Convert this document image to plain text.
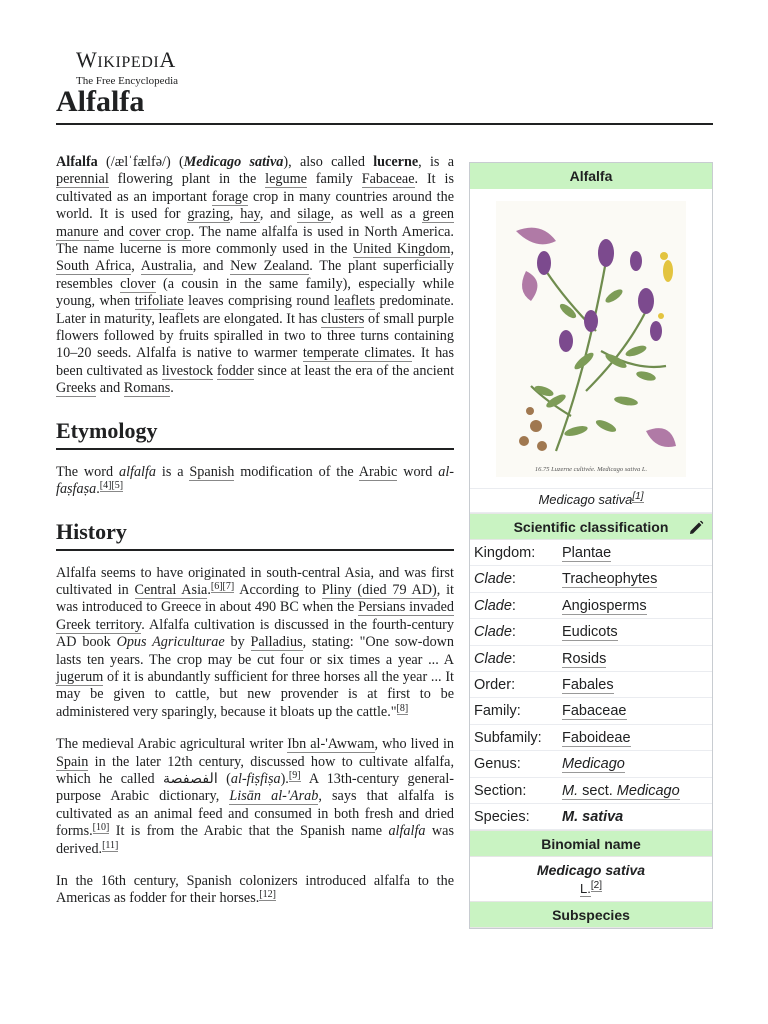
WIKIPEDIA
The Free Encyclopedia
Alfalfa

Alfalfa (/ælˈfælfə/) (Medicago sativa), also called lucerne, is a perennial flowering plant in the legume family Fabaceae. It is cultivated as an important forage crop in many countries around the world. It is used for grazing, hay, and silage, as well as a green manure and cover crop. The name alfalfa is used in North America. The name lucerne is more commonly used in the United Kingdom, South Africa, Australia, and New Zealand. The plant superficially resembles clover (a cousin in the same family), especially while young, when trifoliate leaves comprising round leaflets predominate. Later in maturity, leaflets are elongated. It has clusters of small purple flowers followed by fruits spiralled in two to three turns containing 10–20 seeds. Alfalfa is native to warmer temperate climates. It has been cultivated as livestock fodder since at least the era of the ancient Greeks and Romans.

Etymology

The word alfalfa is a Spanish modification of the Arabic word al-faṣfaṣa.[4][5]

History

Alfalfa seems to have originated in south-central Asia, and was first cultivated in Central Asia.[6][7] According to Pliny (died 79 AD), it was introduced to Greece in about 490 BC when the Persians invaded Greek territory. Alfalfa cultivation is discussed in the fourth-century AD book Opus Agriculturae by Palladius, stating: "One sow-down lasts ten years. The crop may be cut four or six times a year ... A jugerum of it is abundantly sufficient for three horses all the year ... It may be given to cattle, but new provender is at first to be administered very sparingly, because it bloats up the cattle."[8]

The medieval Arabic agricultural writer Ibn al-'Awwam, who lived in Spain in the later 12th century, discussed how to cultivate alfalfa, which he called الفصفصة (al-fiṣfiṣa).[9] A 13th-century general-purpose Arabic dictionary, Lisān al-'Arab, says that alfalfa is cultivated as an animal feed and consumed in both fresh and dried forms.[10] It is from the Arabic that the Spanish name alfalfa was derived.[11]

In the 16th century, Spanish colonizers introduced alfalfa to the Americas as fodder for their horses.[12]

Alfalfa
16.75 Luzerne cultivée. Medicago sativa L.
Medicago sativa[1]
Scientific classification
Kingdom:	Plantae
Clade:	Tracheophytes
Clade:	Angiosperms
Clade:	Eudicots
Clade:	Rosids
Order:	Fabales
Family:	Fabaceae
Subfamily:	Faboideae
Genus:	Medicago
Section:	M. sect. Medicago
Species:	M. sativa
Binomial name
Medicago sativa
L.[2]
Subspecies
